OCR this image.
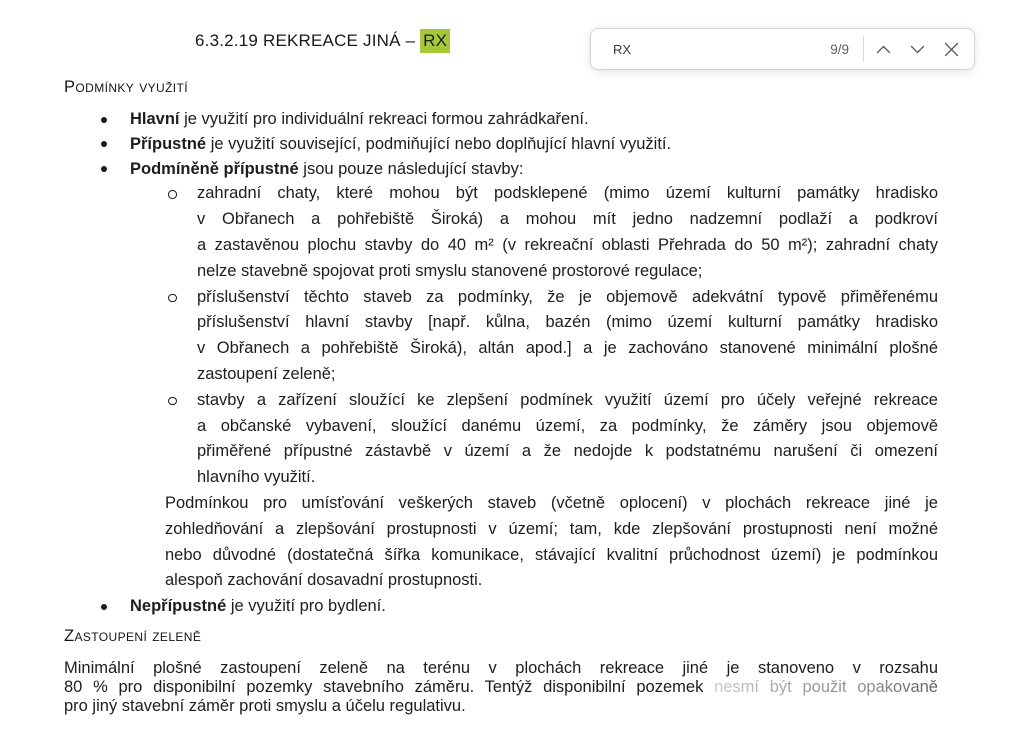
6.3.2.19 REKREACE JINÁ – RX
RX	9/9
Podmínky využití
Hlavní je využití pro individuální rekreaci formou zahrádkaření.
Přípustné je využití související, podmiňující nebo doplňující hlavní využití.
Podmíněně přípustné jsou pouze následující stavby:
zahradní chaty, které mohou být podsklepené (mimo území kulturní památky hradisko
v Obřanech a pohřebiště Široká) a mohou mít jedno nadzemní podlaží a podkroví
a zastavěnou plochu stavby do 40 m² (v rekreační oblasti Přehrada do 50 m²); zahradní chaty
nelze stavebně spojovat proti smyslu stanovené prostorové regulace;
příslušenství těchto staveb za podmínky, že je objemově adekvátní typově přiměřenému
příslušenství hlavní stavby [např. kůlna, bazén (mimo území kulturní památky hradisko
v Obřanech a pohřebiště Široká), altán apod.] a je zachováno stanovené minimální plošné
zastoupení zeleně;
stavby a zařízení sloužící ke zlepšení podmínek využití území pro účely veřejné rekreace
a občanské vybavení, sloužící danému území, za podmínky, že záměry jsou objemově
přiměřené přípustné zástavbě v území a že nedojde k podstatnému narušení či omezení
hlavního využití.

Podmínkou pro umísťování veškerých staveb (včetně oplocení) v plochách rekreace jiné je
zohledňování a zlepšování prostupnosti v území; tam, kde zlepšování prostupnosti není možné
nebo důvodné (dostatečná šířka komunikace, stávající kvalitní průchodnost území) je podmínkou
alespoň zachování dosavadní prostupnosti.

Nepřípustné je využití pro bydlení.
Zastoupení zeleně

Minimální plošné zastoupení zeleně na terénu v plochách rekreace jiné je stanoveno v rozsahu
80 % pro disponibilní pozemky stavebního záměru. Tentýž disponibilní pozemek nesmí být použit opakovaně
pro jiný stavební záměr proti smyslu a účelu regulativu.
